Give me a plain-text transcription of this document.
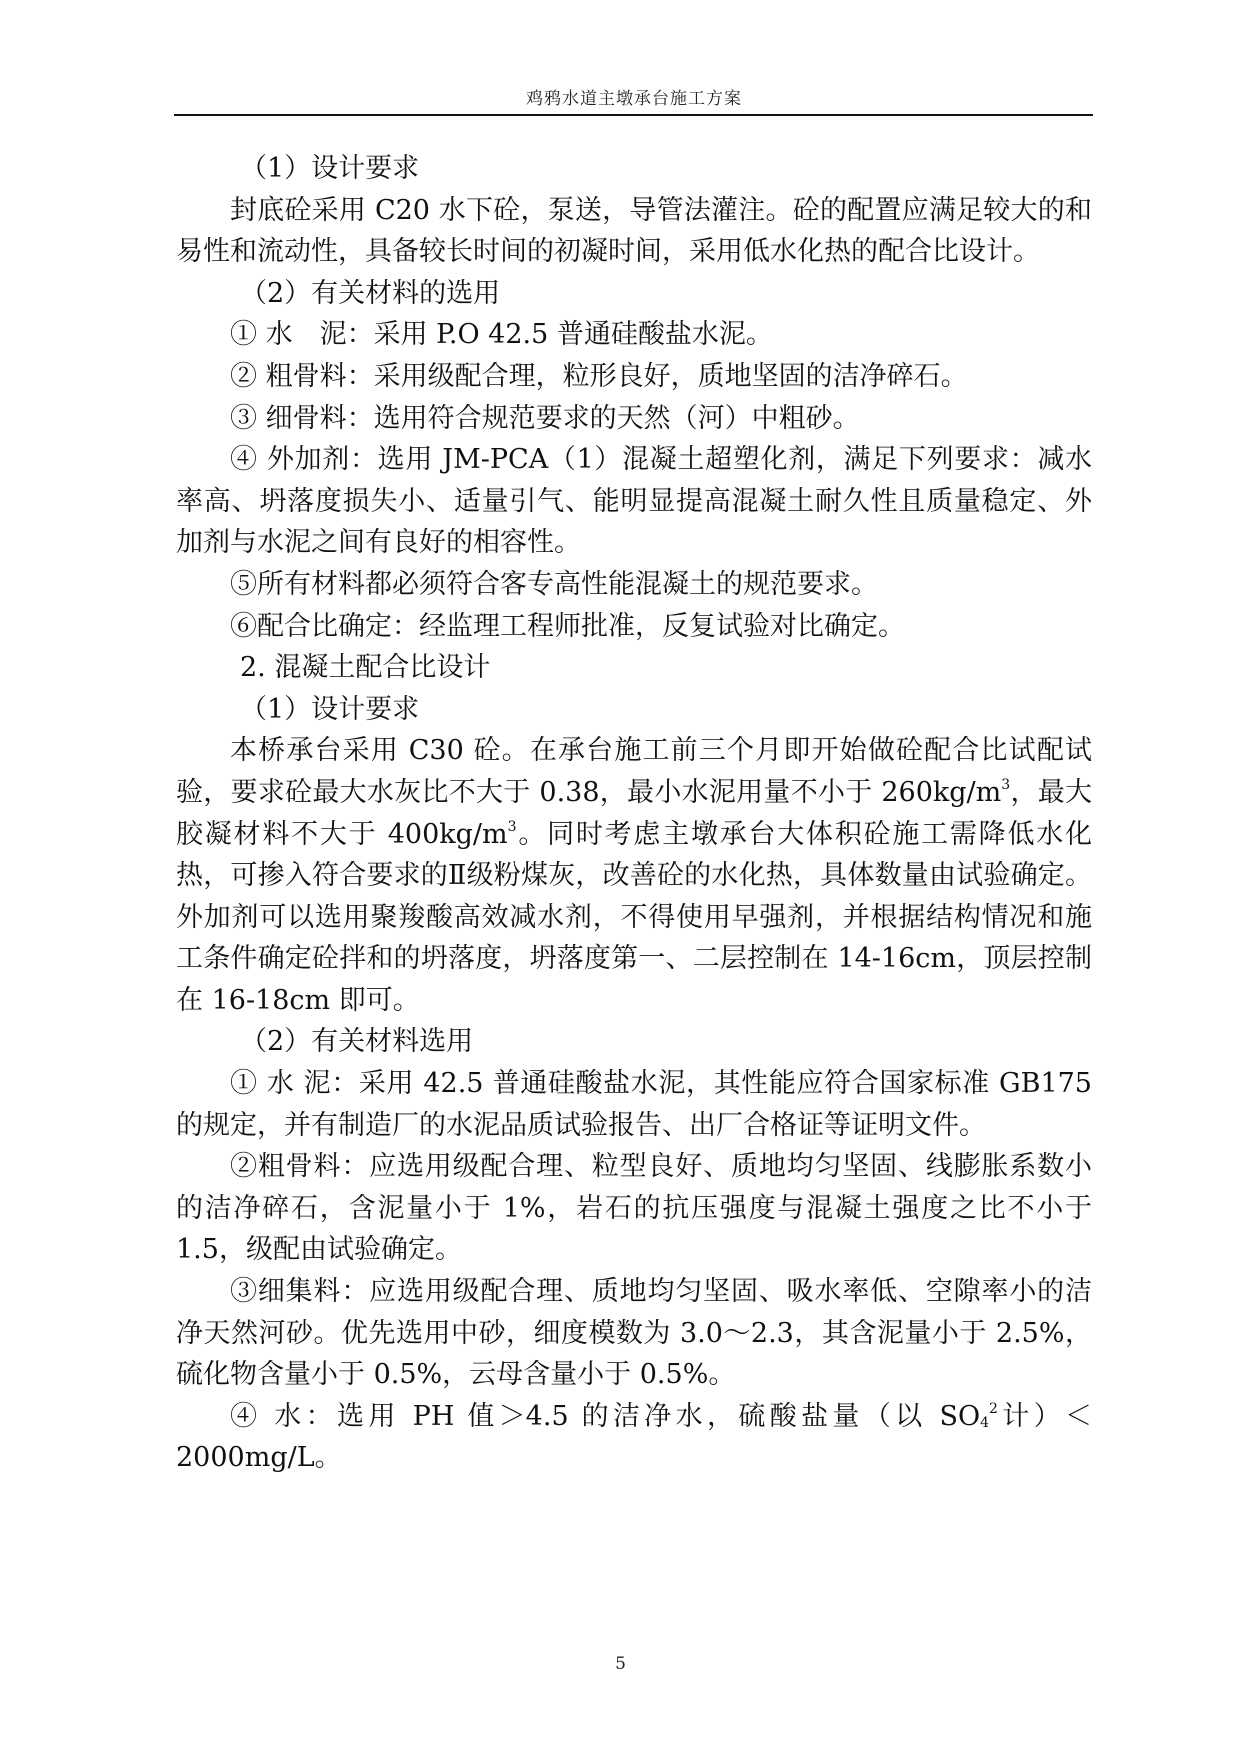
鸡鸦水道主墩承台施工方案

（1）设计要求

封底砼采用 C20 水下砼，泵送，导管法灌注。砼的配置应满足较大的和易性和流动性，具备较长时间的初凝时间，采用低水化热的配合比设计。

（2）有关材料的选用

① 水　泥：采用 P.O 42.5 普通硅酸盐水泥。

② 粗骨料：采用级配合理，粒形良好，质地坚固的洁净碎石。

③ 细骨料：选用符合规范要求的天然（河）中粗砂。

④ 外加剂：选用 JM-PCA（1）混凝土超塑化剂，满足下列要求：减水率高、坍落度损失小、适量引气、能明显提高混凝土耐久性且质量稳定、外加剂与水泥之间有良好的相容性。

⑤所有材料都必须符合客专高性能混凝土的规范要求。

⑥配合比确定：经监理工程师批准，反复试验对比确定。

2. 混凝土配合比设计

（1）设计要求

本桥承台采用 C30 砼。在承台施工前三个月即开始做砼配合比试配试验，要求砼最大水灰比不大于 0.38，最小水泥用量不小于 $260kg/m^3$，最大胶凝材料不大于 $400kg/m^3$。同时考虑主墩承台大体积砼施工需降低水化热，可掺入符合要求的Ⅱ级粉煤灰，改善砼的水化热，具体数量由试验确定。外加剂可以选用聚羧酸高效减水剂，不得使用早强剂，并根据结构情况和施工条件确定砼拌和的坍落度，坍落度第一、二层控制在 14-16cm，顶层控制在 16-18cm 即可。

（2）有关材料选用

① 水 泥：采用 42.5 普通硅酸盐水泥，其性能应符合国家标准 GB175 的规定，并有制造厂的水泥品质试验报告、出厂合格证等证明文件。

②粗骨料：应选用级配合理、粒型良好、质地均匀坚固、线膨胀系数小的洁净碎石，含泥量小于 1%，岩石的抗压强度与混凝土强度之比不小于 1.5，级配由试验确定。

③细集料：应选用级配合理、质地均匀坚固、吸水率低、空隙率小的洁净天然河砂。优先选用中砂，细度模数为 3.0～2.3，其含泥量小于 2.5%，硫化物含量小于 0.5%，云母含量小于 0.5%。

④ 水：选用 PH 值＞4.5 的洁净水，硫酸盐量（以 $SO_4^2$计）＜2000mg/L。

5
